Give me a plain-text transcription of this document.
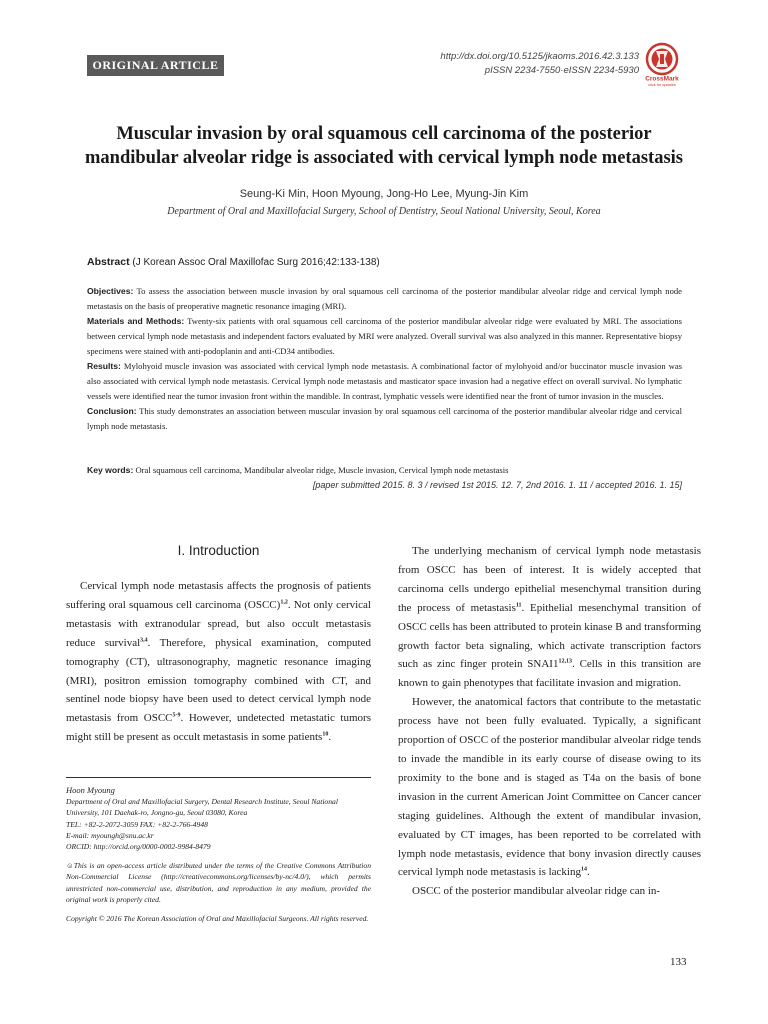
ORIGINAL ARTICLE
http://dx.doi.org/10.5125/jkaoms.2016.42.3.133
pISSN 2234-7550·eISSN 2234-5930
CrossMark
click for updates
Muscular invasion by oral squamous cell carcinoma of the posterior
mandibular alveolar ridge is associated with cervical lymph node metastasis
Seung-Ki Min, Hoon Myoung, Jong-Ho Lee, Myung-Jin Kim
Department of Oral and Maxillofacial Surgery, School of Dentistry, Seoul National University, Seoul, Korea
Abstract (J Korean Assoc Oral Maxillofac Surg 2016;42:133-138)

Objectives: To assess the association between muscle invasion by oral squamous cell carcinoma of the posterior mandibular alveolar ridge and cervical lymph node metastasis on the basis of preoperative magnetic resonance imaging (MRI).

Materials and Methods: Twenty-six patients with oral squamous cell carcinoma of the posterior mandibular alveolar ridge were evaluated by MRI. The associations between cervical lymph node metastasis and independent factors evaluated by MRI were analyzed. Overall survival was also analyzed in this manner. Representative biopsy specimens were stained with anti-podoplanin and anti-CD34 antibodies.

Results: Mylohyoid muscle invasion was associated with cervical lymph node metastasis. A combinational factor of mylohyoid and/or buccinator muscle invasion was also associated with cervical lymph node metastasis. Cervical lymph node metastasis and masticator space invasion had a negative effect on overall survival. No lymphatic vessels were identified near the tumor invasion front within the mandible. In contrast, lymphatic vessels were identified near the front of tumor invasion in the muscles.

Conclusion: This study demonstrates an association between muscular invasion by oral squamous cell carcinoma of the posterior mandibular alveolar ridge and cervical lymph node metastasis.

Key words: Oral squamous cell carcinoma, Mandibular alveolar ridge, Muscle invasion, Cervical lymph node metastasis
[paper submitted 2015. 8. 3 / revised 1st 2015. 12. 7, 2nd 2016. 1. 11 / accepted 2016. 1. 15]
I. Introduction

Cervical lymph node metastasis affects the prognosis of patients suffering oral squamous cell carcinoma (OSCC)$^{1,2}$. Not only cervical metastasis with extranodular spread, but also occult metastasis reduce survival$^{3,4}$. Therefore, physical examination, computed tomography (CT), ultrasonography, magnetic resonance imaging (MRI), positron emission tomography combined with CT, and sentinel node biopsy have been used to detect cervical lymph node metastasis from OSCC$^{5-9}$. However, undetected metastatic tumors might still be present as occult metastasis in some patients$^{10}$.

Hoon Myoung
Department of Oral and Maxillofacial Surgery, Dental Research Institute, Seoul National University, 101 Daehak-ro, Jongno-gu, Seoul 03080, Korea
TEL: +82-2-2072-3059 FAX: +82-2-766-4948
E-mail: myoungh@snu.ac.kr
ORCID: http://orcid.org/0000-0002-9984-8479
☺This is an open-access article distributed under the terms of the Creative Commons Attribution Non-Commercial License (http://creativecommons.org/licenses/by-nc/4.0/), which permits unrestricted non-commercial use, distribution, and reproduction in any medium, provided the original work is properly cited.
Copyright © 2016 The Korean Association of Oral and Maxillofacial Surgeons. All rights reserved.

The underlying mechanism of cervical lymph node metastasis from OSCC has been of interest. It is widely accepted that carcinoma cells undergo epithelial mesenchymal transition during the process of metastasis$^{11}$. Epithelial mesenchymal transition of OSCC cells has been attributed to protein kinase B and transforming growth factor beta signaling, which activate transcription factors such as zinc finger protein SNAI1$^{12,13}$. Cells in this transition are known to gain phenotypes that facilitate invasion and migration.

However, the anatomical factors that contribute to the metastatic process have not been fully evaluated. Typically, a significant proportion of OSCC of the posterior mandibular alveolar ridge tends to invade the mandible in its early course of disease owing to its proximity to the bone and is staged as T4a on the basis of bone invasion in the current American Joint Committee on Cancer cancer staging guidelines. Although the extent of mandibular invasion, evaluated by CT images, has been reported to be correlated with lymph node metastasis, evidence that bony invasion directly causes cervical lymph node metastasis is lacking$^{14}$.

OSCC of the posterior mandibular alveolar ridge can in-

133
